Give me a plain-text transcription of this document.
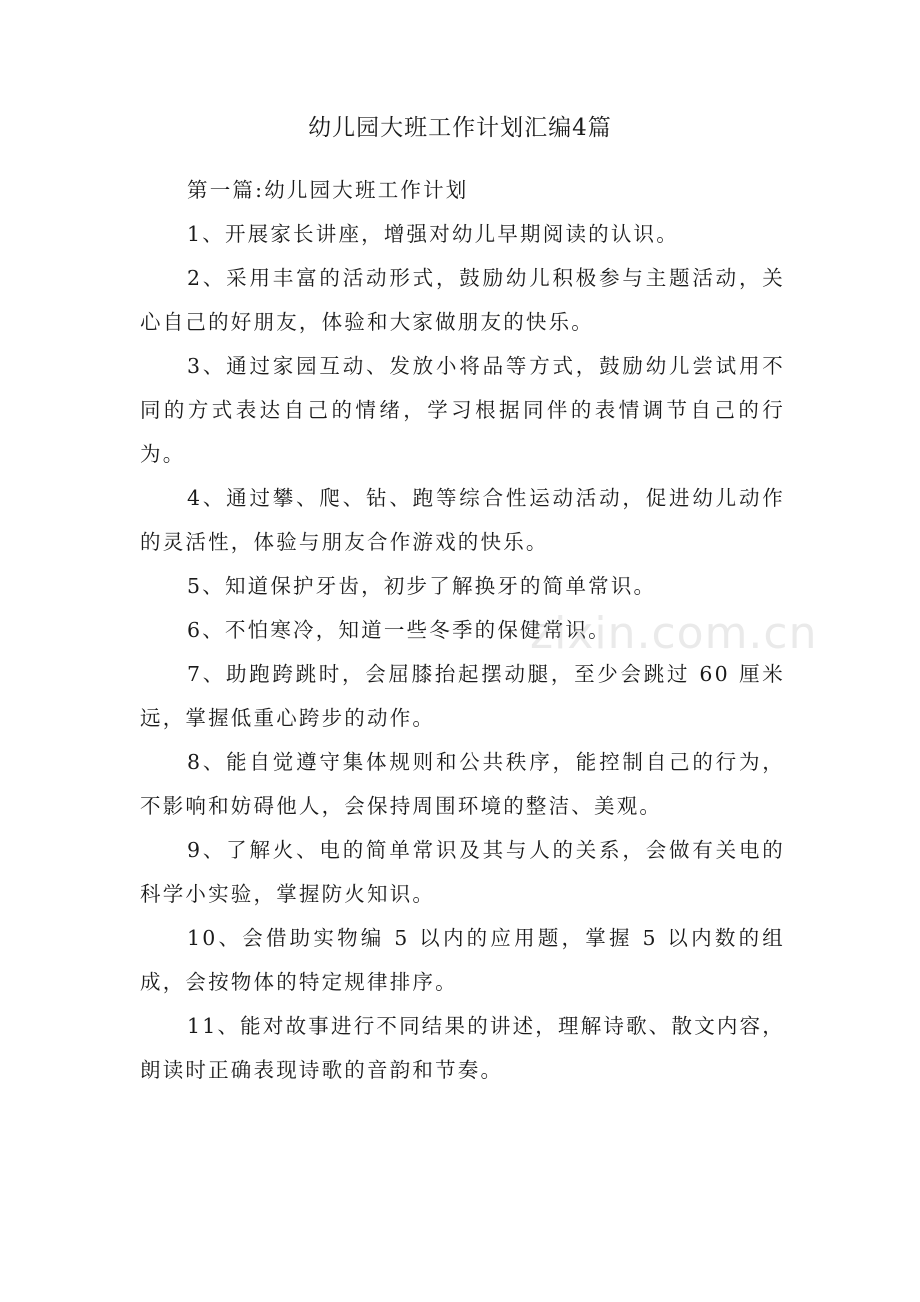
幼儿园大班工作计划汇编4篇

第一篇:幼儿园大班工作计划

1、开展家长讲座，增强对幼儿早期阅读的认识。

2、采用丰富的活动形式，鼓励幼儿积极参与主题活动，关心自己的好朋友，体验和大家做朋友的快乐。

3、通过家园互动、发放小将品等方式，鼓励幼儿尝试用不同的方式表达自己的情绪，学习根据同伴的表情调节自己的行为。

4、通过攀、爬、钻、跑等综合性运动活动，促进幼儿动作的灵活性，体验与朋友合作游戏的快乐。

5、知道保护牙齿，初步了解换牙的简单常识。

6、不怕寒冷，知道一些冬季的保健常识。

7、助跑跨跳时，会屈膝抬起摆动腿，至少会跳过 60 厘米远，掌握低重心跨步的动作。

8、能自觉遵守集体规则和公共秩序，能控制自己的行为，不影响和妨碍他人，会保持周围环境的整洁、美观。

9、了解火、电的简单常识及其与人的关系，会做有关电的科学小实验，掌握防火知识。

10、会借助实物编 5 以内的应用题，掌握 5 以内数的组成，会按物体的特定规律排序。

11、能对故事进行不同结果的讲述，理解诗歌、散文内容，朗读时正确表现诗歌的音韵和节奏。

zixin.com.cn
